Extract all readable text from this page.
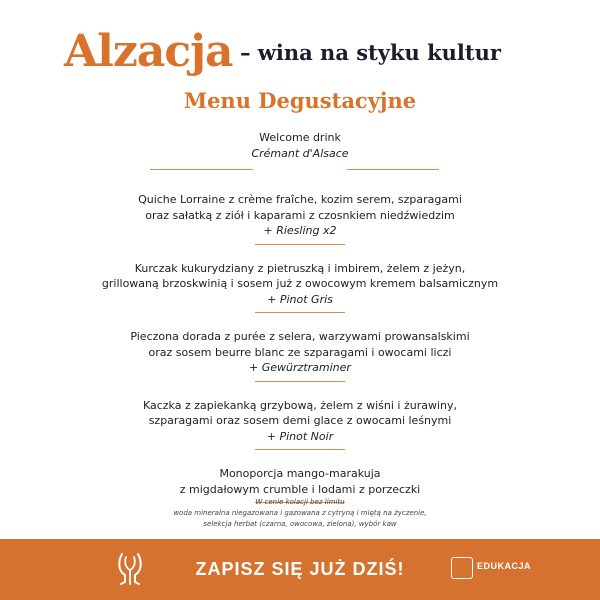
Alzacja – wina na styku kultur
Menu Degustacyjne
Welcome drink
Crémant d'Alsace
Quiche Lorraine z crème fraîche, kozim serem, szparagami
oraz sałatką z ziół i kaparami z czosnkiem niedźwiedzim
+ Riesling x2
Kurczak kukurydziany z pietruszką i imbirem, żelem z jeżyn,
grillowaną brzoskwinią i sosem już z owocowym kremem balsamicznym
+ Pinot Gris
Pieczona dorada z purée z selera, warzywami prowansalskimi
oraz sosem beurre blanc ze szparagami i owocami liczi
+ Gewürztraminer
Kaczka z zapiekanką grzybową, żelem z wiśni i żurawiny,
szparagami oraz sosem demi glace z owocami leśnymi
+ Pinot Noir
Monoporcja mango-marakuja
z migdałowym crumble i lodami z porzeczki
W cenie kolacji bez limitu
woda mineralna niegazowana i gazowana z cytryną i miętą na życzenie,
selekcja herbat (czarna, owocowa, zielona), wybór kaw
ZAPISZ SIĘ JUŻ DZIŚ!	EDUKACJA
